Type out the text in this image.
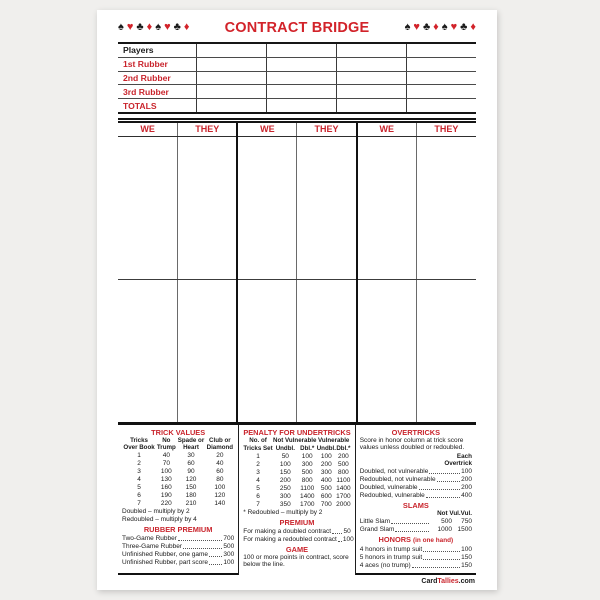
♠ ♥ ♣ ♦ ♠ ♥ ♣ ♦ CONTRACT BRIDGE	♠ ♥ ♣ ♦ ♠ ♥ ♣ ♦
Players				
1st Rubber				
2nd Rubber				
3rd Rubber				
TOTALS				
WE	THEY	WE	THEY	WE	THEY

TRICK VALUES
Tricks
Over Book

No
Trump

Spade or
Heart

Club or
Diamond

1	40	30	20
2	70	60	40
3	100	90	60
4	130	120	80
5	160	150	100
6	190	180	120
7	220	210	140
Doubled – multiply by 2
Redoubled – multiply by 4
RUBBER PREMIUM
Two-Game Rubber	700
Three-Game Rubber	500
Unfinished Rubber, one game 300
Unfinished Rubber, part score 100
PENALTY FOR UNDERTRICKS
No. of	Not Vulnerable		Vulnerable	
Tricks Set	Undbl.	Dbl.*	Undbl.	Dbl.*
1	50	100	100	200
2	100	300	200	500
3	150	500	300	800
4	200	800	400	1100
5	250	1100	500	1400
6	300	1400	600	1700
7	350	1700	700	2000
* Redoubled – multiply by 2
PREMIUM
For making a doubled contract 50
For making a redoubled contract 100
GAME
100 or more points in contract, score below the line.
OVERTRICKS
Score in honor column at trick score values unless doubled or redoubled.
Each
Overtrick
Doubled, not vulnerable	100
Redoubled, not vulnerable	200
Doubled, vulnerable	200
Redoubled, vulnerable	400
SLAMS
Not Vul. Vul.
Little Slam	500	750
Grand Slam	1000 1500
HONORS (in one hand)
4 honors in trump suit	100
5 honors in trump suit	150
4 aces (no trump)	150
CardTallies.com
